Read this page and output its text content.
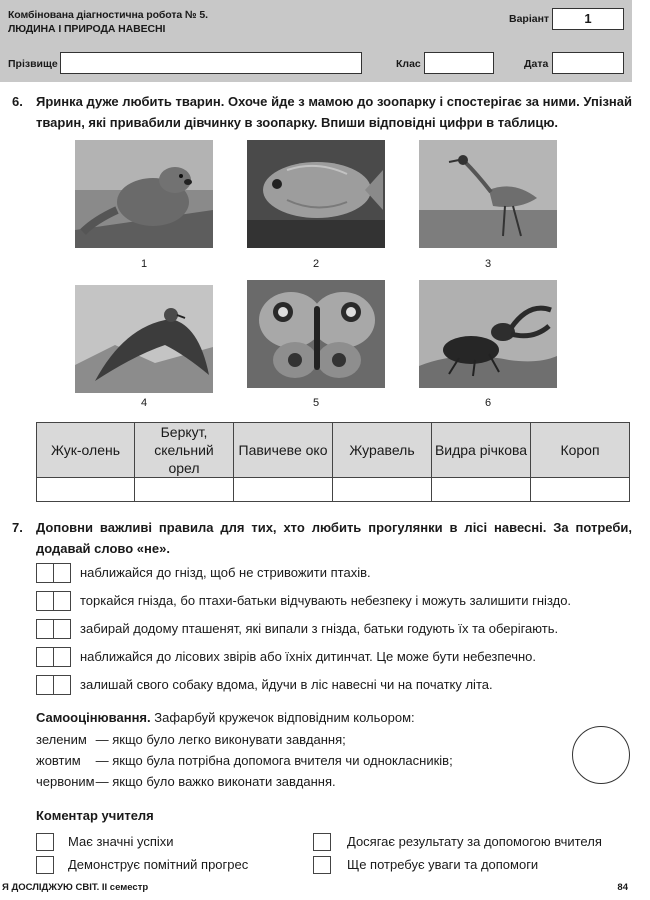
Комбінована діагностична робота № 5.
ЛЮДИНА І ПРИРОДА НАВЕСНІ
Варіант	1
Прізвище	Клас	Дата
6. Яринка дуже любить тварин. Охоче йде з мамою до зоопарку і спостерігає за ними. Упізнай тварин, які привабили дівчинку в зоопарку. Впиши відповідні цифри в таблицю.
1	2	3
4	5	6
Жук-олень	Беркут, скельний орел	Павичеве око	Журавель	Видра річкова	Короп

7. Доповни важливі правила для тих, хто любить прогулянки в лісі навесні. За потреби, додавай слово «не».
наближайся до гнізд, щоб не стривожити птахів.
торкайся гнізда, бо птахи-батьки відчувають небезпеку і можуть залишити гніздо.
забирай додому пташенят, які випали з гнізда, батьки годують їх та оберігають.
наближайся до лісових звірів або їхніх дитинчат. Це може бути небезпечно.
залишай свого собаку вдома, йдучи в ліс навесні чи на початку літа.
Самооцінювання. Зафарбуй кружечок відповідним кольором:
зеленим — якщо було легко виконувати завдання;
жовтим — якщо була потрібна допомога вчителя чи однокласників;
червоним — якщо було важко виконати завдання.
Коментар учителя
Має значні успіхи	Досягає результату за допомогою вчителя
Демонструє помітний прогрес	Ще потребує уваги та допомоги
Я ДОСЛІДЖУЮ СВІТ. ІІ семестр	84
